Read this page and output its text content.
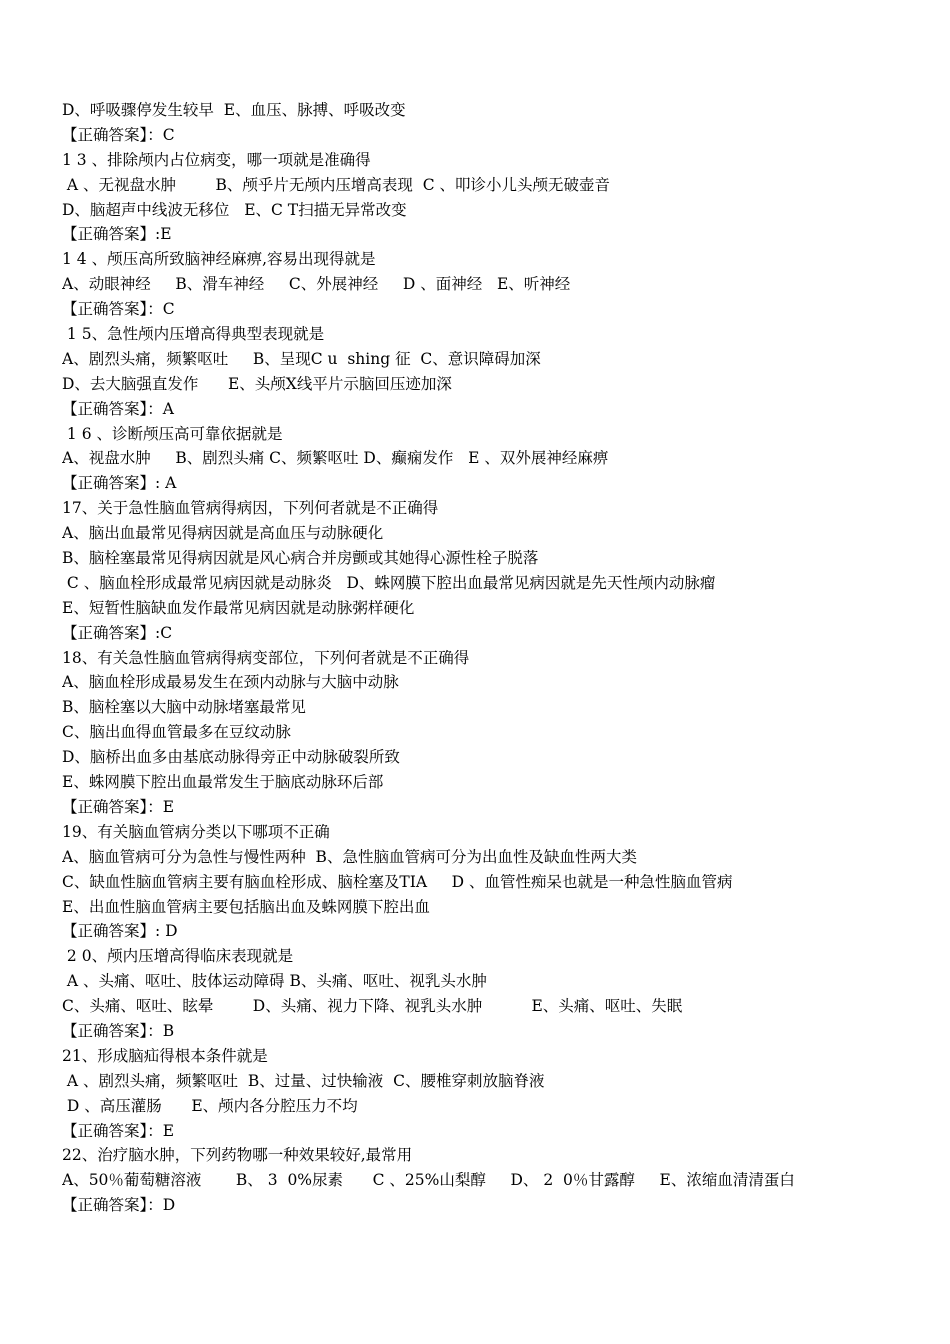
D、呼吸骤停发生较早  E、血压、脉搏、呼吸改变
【正确答案】：C
1 3 、排除颅内占位病变，哪一项就是准确得
A 、无视盘水肿        B、颅乎片无颅内压增高表现  C 、叩诊小儿头颅无破壶音
D、脑超声中线波无移位   E、C T扫描无异常改变
【正确答案】:E
1 4 、颅压高所致脑神经麻痹,容易出现得就是
A、动眼神经     B、滑车神经     C、外展神经     D 、面神经   E、听神经
【正确答案】：C
1 5、急性颅内压增高得典型表现就是
A、剧烈头痛，频繁呕吐     B、呈现C u  shing 征  C、意识障碍加深
D、去大脑强直发作      E、头颅X线平片示脑回压迹加深
【正确答案】：A
1 6 、诊断颅压高可靠依据就是
A、视盘水肿     B、剧烈头痛 C、频繁呕吐 D、癫痫发作   E 、双外展神经麻痹
【正确答案】: A
17、关于急性脑血管病得病因，下列何者就是不正确得
A、脑出血最常见得病因就是高血压与动脉硬化
B、脑栓塞最常见得病因就是风心病合并房颤或其她得心源性栓子脱落
C 、脑血栓形成最常见病因就是动脉炎   D、蛛网膜下腔出血最常见病因就是先天性颅内动脉瘤
E、短暂性脑缺血发作最常见病因就是动脉粥样硬化
【正确答案】:C
18、有关急性脑血管病得病变部位，下列何者就是不正确得
A、脑血栓形成最易发生在颈内动脉与大脑中动脉
B、脑栓塞以大脑中动脉堵塞最常见
C、脑出血得血管最多在豆纹动脉
D、脑桥出血多由基底动脉得旁正中动脉破裂所致
E、蛛网膜下腔出血最常发生于脑底动脉环后部
【正确答案】：E
19、有关脑血管病分类以下哪项不正确
A、脑血管病可分为急性与慢性两种  B、急性脑血管病可分为出血性及缺血性两大类
C、缺血性脑血管病主要有脑血栓形成、脑栓塞及TIA     D 、血管性痴呆也就是一种急性脑血管病
E、出血性脑血管病主要包括脑出血及蛛网膜下腔出血
【正确答案】: D
2 0、颅内压增高得临床表现就是
A 、头痛、呕吐、肢体运动障碍 B、头痛、呕吐、视乳头水肿
C、头痛、呕吐、眩晕        D、头痛、视力下降、视乳头水肿          E、头痛、呕吐、失眠
【正确答案】：B
21、形成脑疝得根本条件就是
A 、剧烈头痛，频繁呕吐  B、过量、过快输液  C、腰椎穿刺放脑脊液
D 、高压灌肠      E、颅内各分腔压力不均
【正确答案】：E
22、治疗脑水肿，下列药物哪一种效果较好,最常用
A、50％葡萄糖溶液       B、 3  0%尿素      C 、25%山梨醇     D、 2  0％甘露醇     E、浓缩血清清蛋白
【正确答案】：D
